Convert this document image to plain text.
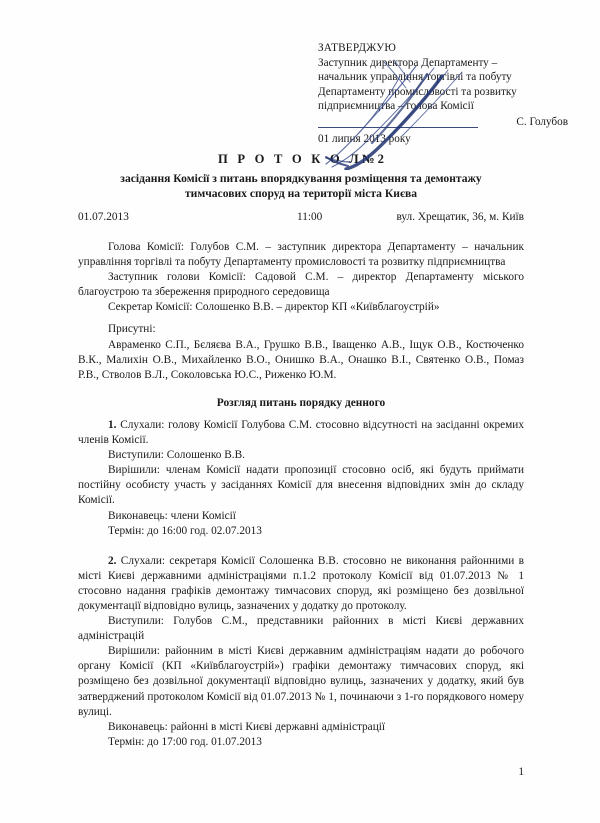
ЗАТВЕРДЖУЮ
Заступник директора Департаменту –
начальник управління торгівлі та побуту
Департаменту промисловості та розвитку
підприємництва – голова Комісії
С. Голубов
01 липня 2013 року
П Р О Т О К О Л№ 2
засідання Комісії з питань впорядкування розміщення та демонтажу
тимчасових споруд на території міста Києва
01.07.2013	11:00	вул. Хрещатик, 36, м. Київ

Голова Комісії: Голубов С.М. – заступник директора Департаменту – начальник управління торгівлі та побуту Департаменту промисловості та розвитку підприємництва

Заступник голови Комісії: Садовой С.М. – директор Департаменту міського благоустрою та збереження природного середовища

Секретар Комісії: Солошенко В.В. – директор КП «Київблагоустрій»

Присутні:

Авраменко С.П., Бєляєва В.А., Грушко В.В., Іващенко А.В., Іщук О.В., Костюченко В.К., Малихін О.В., Михайленко В.О., Онишко В.А., Онашко В.І., Святенко О.В., Помаз Р.В., Стволов В.Л., Соколовська Ю.С., Риженко Ю.М.

Розгляд питань порядку денного

1. Слухали: голову Комісії Голубова С.М. стосовно відсутності на засіданні окремих членів Комісії.

Виступили: Солошенко В.В.

Вирішили: членам Комісії надати пропозиції стосовно осіб, які будуть приймати постійну особисту участь у засіданнях Комісії для внесення відповідних змін до складу Комісії.

Виконавець: члени Комісії

Термін: до 16:00 год. 02.07.2013

2. Слухали: секретаря Комісії Солошенка В.В. стосовно не виконання районними в місті Києві державними адміністраціями п.1.2 протоколу Комісії від 01.07.2013 № 1 стосовно надання графіків демонтажу тимчасових споруд, які розміщено без дозвільної документації відповідно вулиць, зазначених у додатку до протоколу.

Виступили: Голубов С.М., представники районних в місті Києві державних адміністрацій

Вирішили: районним в місті Києві державним адміністраціям надати до робочого органу Комісії (КП «Київблагоустрій») графіки демонтажу тимчасових споруд, які розміщено без дозвільної документації відповідно вулиць, зазначених у додатку, який був затверджений протоколом Комісії від 01.07.2013 № 1, починаючи з 1-го порядкового номеру вулиці.

Виконавець: районні в місті Києві державні адміністрації

Термін: до 17:00 год. 01.07.2013

1
